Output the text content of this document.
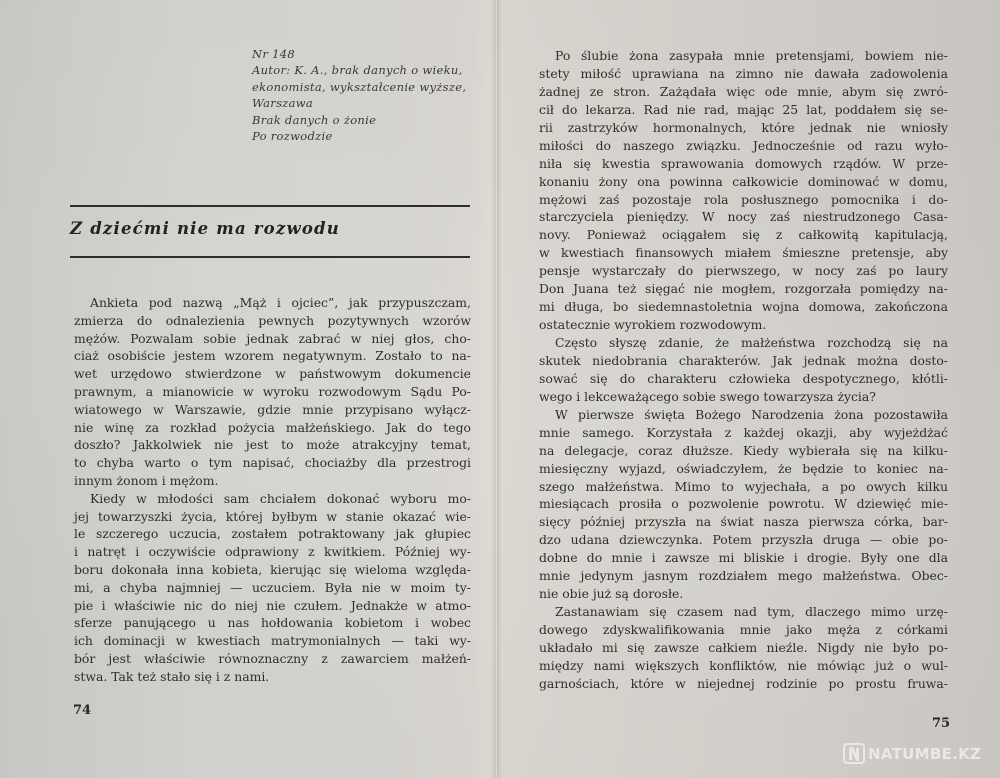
Nr 148
Autor: K. A., brak danych o wieku,
ekonomista, wykształcenie wyższe,
Warszawa
Brak danych o żonie
Po rozwodzie
Z dziećmi nie ma rozwodu
Ankieta pod nazwą „Mąż i ojciec”, jak przypuszczam,
zmierza do odnalezienia pewnych pozytywnych wzorów
mężów. Pozwalam sobie jednak zabrać w niej głos, cho-
ciaż osobiście jestem wzorem negatywnym. Zostało to na-
wet urzędowo stwierdzone w państwowym dokumencie
prawnym, a mianowicie w wyroku rozwodowym Sądu Po-
wiatowego w Warszawie, gdzie mnie przypisano wyłącz-
nie winę za rozkład pożycia małżeńskiego. Jak do tego
doszło? Jakkolwiek nie jest to może atrakcyjny temat,
to chyba warto o tym napisać, chociażby dla przestrogi
innym żonom i mężom.
Kiedy w młodości sam chciałem dokonać wyboru mo-
jej towarzyszki życia, której byłbym w stanie okazać wie-
le szczerego uczucia, zostałem potraktowany jak głupiec
i natręt i oczywiście odprawiony z kwitkiem. Później wy-
boru dokonała inna kobieta, kierując się wieloma względa-
mi, a chyba najmniej — uczuciem. Była nie w moim ty-
pie i właściwie nic do niej nie czułem. Jednakże w atmo-
sferze panującego u nas hołdowania kobietom i wobec
ich dominacji w kwestiach matrymonialnych — taki wy-
bór jest właściwie równoznaczny z zawarciem małżeń-
stwa. Tak też stało się i z nami.
74
Po ślubie żona zasypała mnie pretensjami, bowiem nie-
stety miłość uprawiana na zimno nie dawała zadowolenia
żadnej ze stron. Zażądała więc ode mnie, abym się zwró-
cił do lekarza. Rad nie rad, mając 25 lat, poddałem się se-
rii zastrzyków hormonalnych, które jednak nie wniosły
miłości do naszego związku. Jednocześnie od razu wyło-
niła się kwestia sprawowania domowych rządów. W prze-
konaniu żony ona powinna całkowicie dominować w domu,
mężowi zaś pozostaje rola posłusznego pomocnika i do-
starczyciela pieniędzy. W nocy zaś niestrudzonego Casa-
novy. Ponieważ ociągałem się z całkowitą kapitulacją,
w kwestiach finansowych miałem śmieszne pretensje, aby
pensje wystarczały do pierwszego, w nocy zaś po laury
Don Juana też sięgać nie mogłem, rozgorzała pomiędzy na-
mi długa, bo siedemnastoletnia wojna domowa, zakończona
ostatecznie wyrokiem rozwodowym.
Często słyszę zdanie, że małżeństwa rozchodzą się na
skutek niedobrania charakterów. Jak jednak można dosto-
sować się do charakteru człowieka despotycznego, kłótli-
wego i lekceważącego sobie swego towarzysza życia?
W pierwsze święta Bożego Narodzenia żona pozostawiła
mnie samego. Korzystała z każdej okazji, aby wyjeżdżać
na delegacje, coraz dłuższe. Kiedy wybierała się na kilku-
miesięczny wyjazd, oświadczyłem, że będzie to koniec na-
szego małżeństwa. Mimo to wyjechała, a po owych kilku
miesiącach prosiła o pozwolenie powrotu. W dziewięć mie-
sięcy później przyszła na świat nasza pierwsza córka, bar-
dzo udana dziewczynka. Potem przyszła druga — obie po-
dobne do mnie i zawsze mi bliskie i drogie. Były one dla
mnie jedynym jasnym rozdziałem mego małżeństwa. Obec-
nie obie już są dorosłe.
Zastanawiam się czasem nad tym, dlaczego mimo urzę-
dowego zdyskwalifikowania mnie jako męża z córkami
układało mi się zawsze całkiem nieźle. Nigdy nie było po-
między nami większych konfliktów, nie mówiąc już o wul-
garnościach, które w niejednej rodzinie po prostu fruwa-
75
NATUMBE.KZ
